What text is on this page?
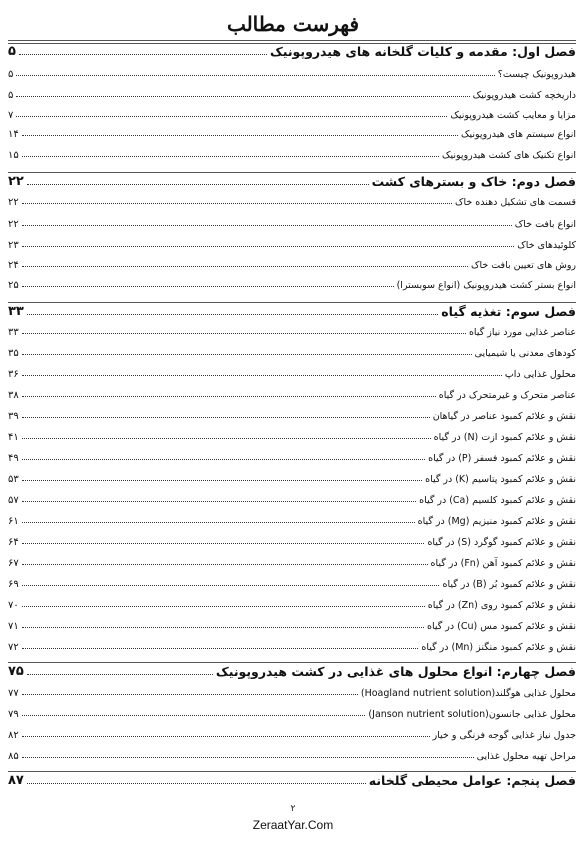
فهرست مطالب
فصل اول: مقدمه و کلیات گلخانه های هیدروپونیک
۵
هیدروپونیک چیست؟
۵
داریخچه کشت هیدروپونیک
۵
مزایا و معایب کشت هیدروپونیک
۷
انواع سیستم های هیدروپونیک
۱۴
انواع تکنیک های کشت هیدروپونیک
۱۵
فصل دوم: خاک و بسترهای کشت
۲۲
قسمت های تشکیل دهنده خاک
۲۲
انواع بافت خاک
۲۲
کلوئیدهای خاک
۲۳
روش های تعیین بافت خاک
۲۴
انواع بستر کشت هیدروپونیک (انواع سوبسترا)
۲۵
فصل سوم: تغذیه گیاه
۳۳
عناصر غذایی مورد نیاز گیاه
۳۳
کودهای معدنی یا شیمیایی
۳۵
محلول غذایی داپ
۳۶
عناصر متحرک و غیرمتحرک در گیاه
۳۸
نقش و علائم کمبود عناصر در گیاهان
۳۹
نقش و علائم کمبود ازت (N) در گیاه
۴۱
نقش و علائم کمبود فسفر (P) در گیاه
۴۹
نقش و علائم کمبود پتاسیم (K) در گیاه
۵۳
نقش و علائم کمبود کلسیم (Ca) در گیاه
۵۷
نقش و علائم کمبود منیزیم (Mg) در گیاه
۶۱
نقش و علائم کمبود گوگرد (S) در گیاه
۶۴
نقش و علائم کمبود آهن (Fn) در گیاه
۶۷
نقش و علائم کمبود بُر (B) در گیاه
۶۹
نقش و علائم کمبود روی (Zn) در گیاه
۷۰
نقش و علائم کمبود مس (Cu) در گیاه
۷۱
نقش و علائم کمبود منگنز (Mn) در گیاه
۷۲
فصل چهارم: انواع محلول های غذایی در کشت هیدروپونیک
۷۵
محلول غذایی هوگلند(Hoagland nutrient solution)
۷۷
محلول غذایی جانسون(Janson nutrient solution)
۷۹
جدول نیاز غذایی گوجه فرنگی و خیار
۸۲
مراحل تهیه محلول غذایی
۸۵
فصل پنجم: عوامل محیطی گلخانه
۸۷
۲
ZeraatYar.Com
